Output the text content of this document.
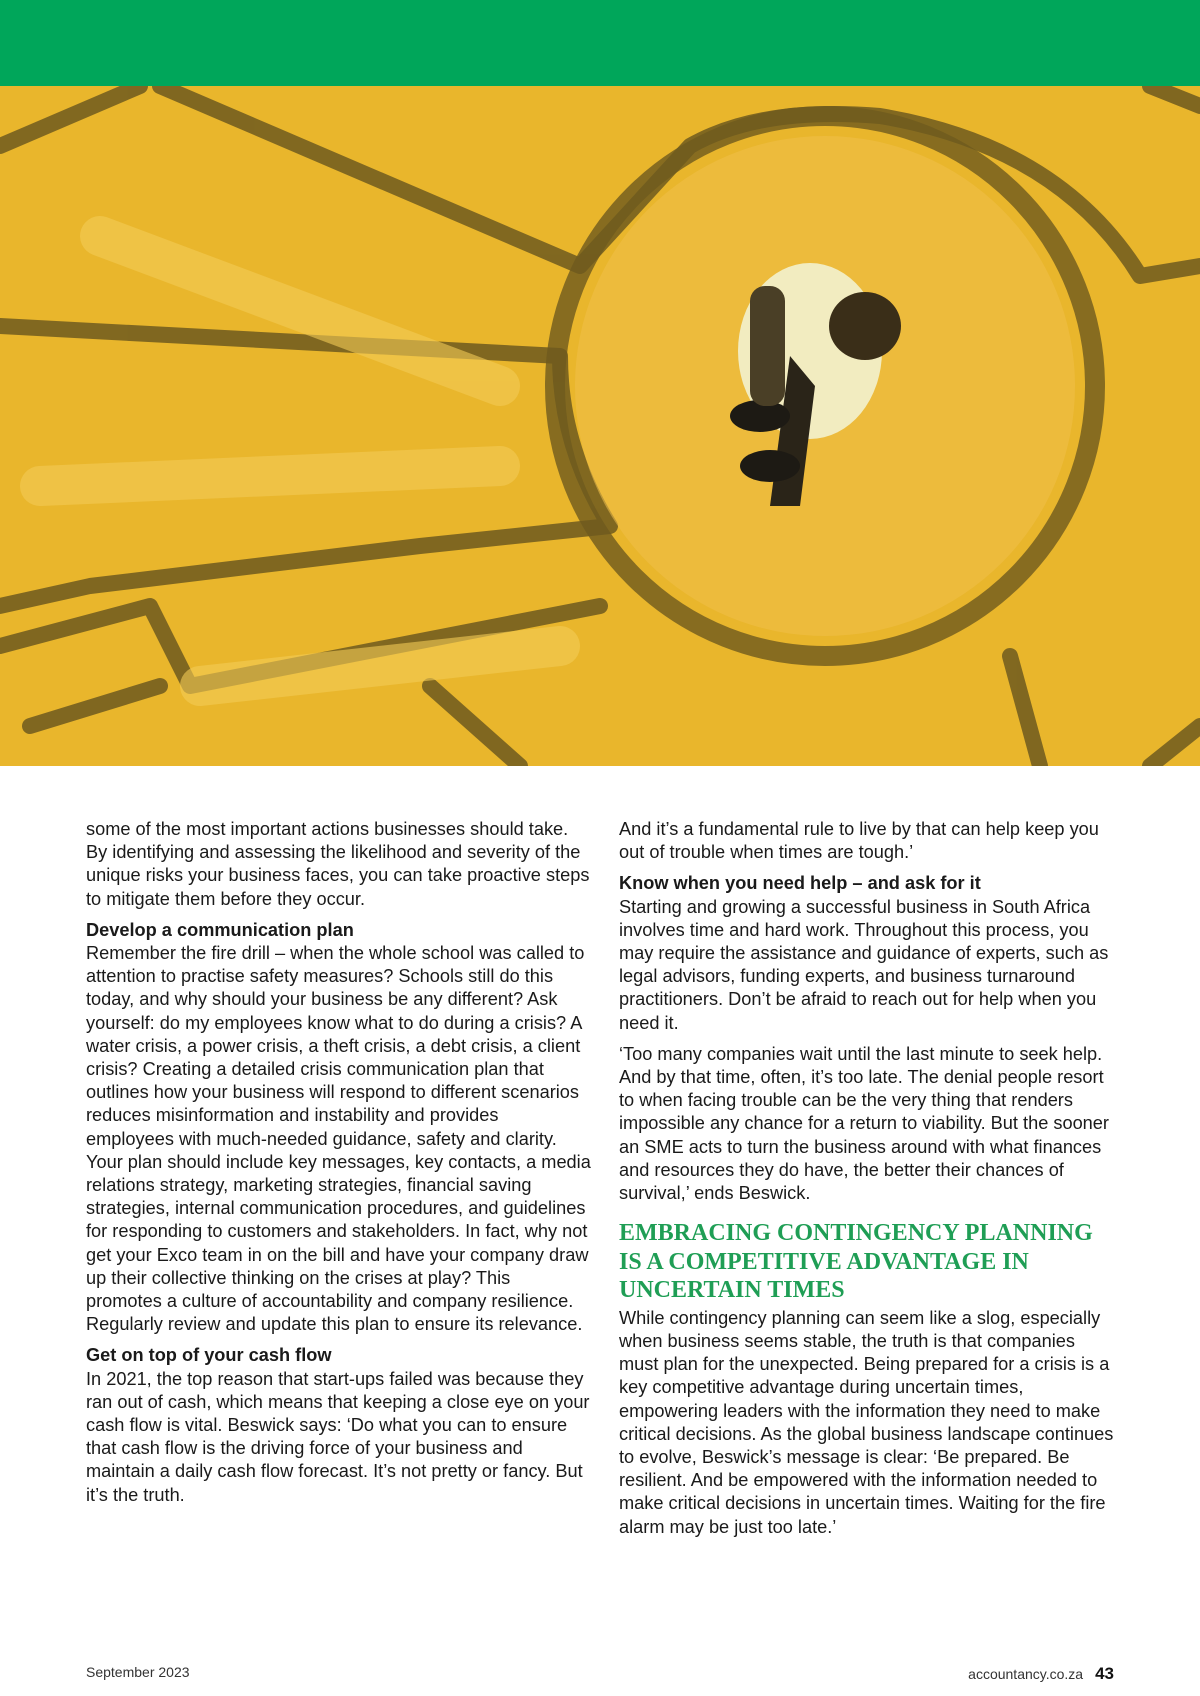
some of the most important actions businesses should take. By identifying and assessing the likelihood and severity of the unique risks your business faces, you can take proactive steps to mitigate them before they occur.

Develop a communication plan

Remember the fire drill – when the whole school was called to attention to practise safety measures? Schools still do this today, and why should your business be any different? Ask yourself: do my employees know what to do during a crisis? A water crisis, a power crisis, a theft crisis, a debt crisis, a client crisis? Creating a detailed crisis communication plan that outlines how your business will respond to different scenarios reduces misinformation and instability and provides employees with much-needed guidance, safety and clarity. Your plan should include key messages, key contacts, a media relations strategy, marketing strategies, financial saving strategies, internal communication procedures, and guidelines for responding to customers and stakeholders. In fact, why not get your Exco team in on the bill and have your company draw up their collective thinking on the crises at play? This promotes a culture of accountability and company resilience. Regularly review and update this plan to ensure its relevance.

Get on top of your cash flow

In 2021, the top reason that start-ups failed was because they ran out of cash, which means that keeping a close eye on your cash flow is vital. Beswick says: ‘Do what you can to ensure that cash flow is the driving force of your business and maintain a daily cash flow forecast. It’s not pretty or fancy. But it’s the truth.

And it’s a fundamental rule to live by that can help keep you out of trouble when times are tough.’

Know when you need help – and ask for it

Starting and growing a successful business in South Africa involves time and hard work. Throughout this process, you may require the assistance and guidance of experts, such as legal advisors, funding experts, and business turnaround practitioners. Don’t be afraid to reach out for help when you need it.

‘Too many companies wait until the last minute to seek help. And by that time, often, it’s too late. The denial people resort to when facing trouble can be the very thing that renders impossible any chance for a return to viability. But the sooner an SME acts to turn the business around with what finances and resources they do have, the better their chances of survival,’ ends Beswick.

EMBRACING CONTINGENCY PLANNING IS A COMPETITIVE ADVANTAGE IN UNCERTAIN TIMES

While contingency planning can seem like a slog, especially when business seems stable, the truth is that companies must plan for the unexpected. Being prepared for a crisis is a key competitive advantage during uncertain times, empowering leaders with the information they need to make critical decisions. As the global business landscape continues to evolve, Beswick’s message is clear: ‘Be prepared. Be resilient. And be empowered with the information needed to make critical decisions in uncertain times. Waiting for the fire alarm may be just too late.’

September 2023	accountancy.co.za 43
